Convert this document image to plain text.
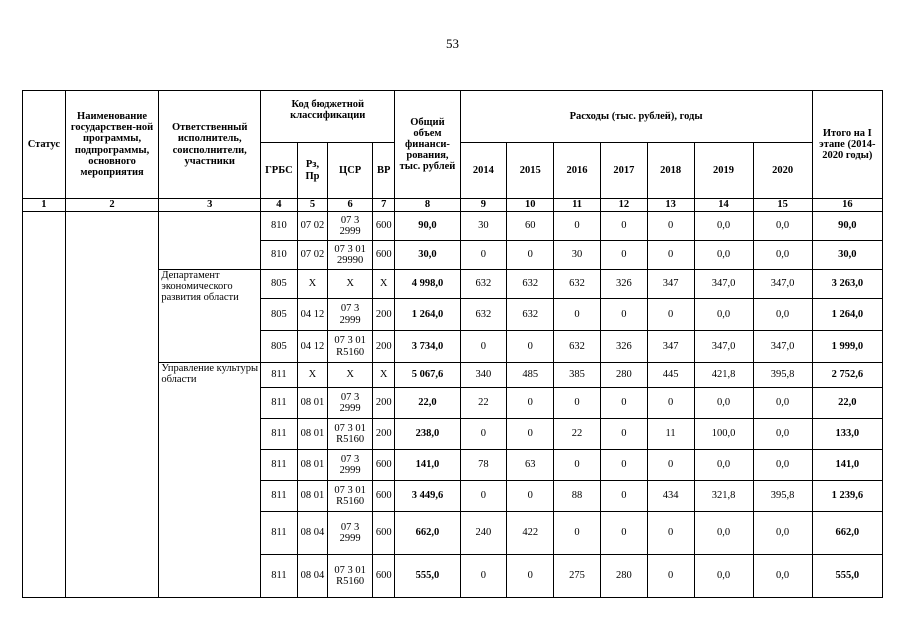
53
Статус	Наименование государствен-ной программы, подпрограммы, основного мероприятия	Ответственный исполнитель, соисполнители, участники	Код бюджетной классификации				Общий объем финанси-рования, тыс. рублей	Расходы (тыс. рублей), годы							Итого на I этапе (2014-2020 годы)
			ГРБС	Рз, Пр	ЦСР	ВР		2014	2015	2016	2017	2018	2019	2020	
1	2	3	4	5	6	7	8	9	10	11	12	13	14	15	16
			810	07 02	07 3 2999	600	90,0	30	60	0	0	0	0,0	0,0	90,0
			810	07 02	07 3 01 29990	600	30,0	0	0	30	0	0	0,0	0,0	30,0
		Департамент экономического развития области	805	Х	Х	Х	4 998,0	632	632	632	326	347	347,0	347,0	3 263,0
			805	04 12	07 3 2999	200	1 264,0	632	632	0	0	0	0,0	0,0	1 264,0
			805	04 12	07 3 01 R5160	200	3 734,0	0	0	632	326	347	347,0	347,0	1 999,0
		Управление культуры области	811	Х	Х	Х	5 067,6	340	485	385	280	445	421,8	395,8	2 752,6
			811	08 01	07 3 2999	200	22,0	22	0	0	0	0	0,0	0,0	22,0
			811	08 01	07 3 01 R5160	200	238,0	0	0	22	0	11	100,0	0,0	133,0
			811	08 01	07 3 2999	600	141,0	78	63	0	0	0	0,0	0,0	141,0
			811	08 01	07 3 01 R5160	600	3 449,6	0	0	88	0	434	321,8	395,8	1 239,6
			811	08 04	07 3 2999	600	662,0	240	422	0	0	0	0,0	0,0	662,0
			811	08 04	07 3 01 R5160	600	555,0	0	0	275	280	0	0,0	0,0	555,0
